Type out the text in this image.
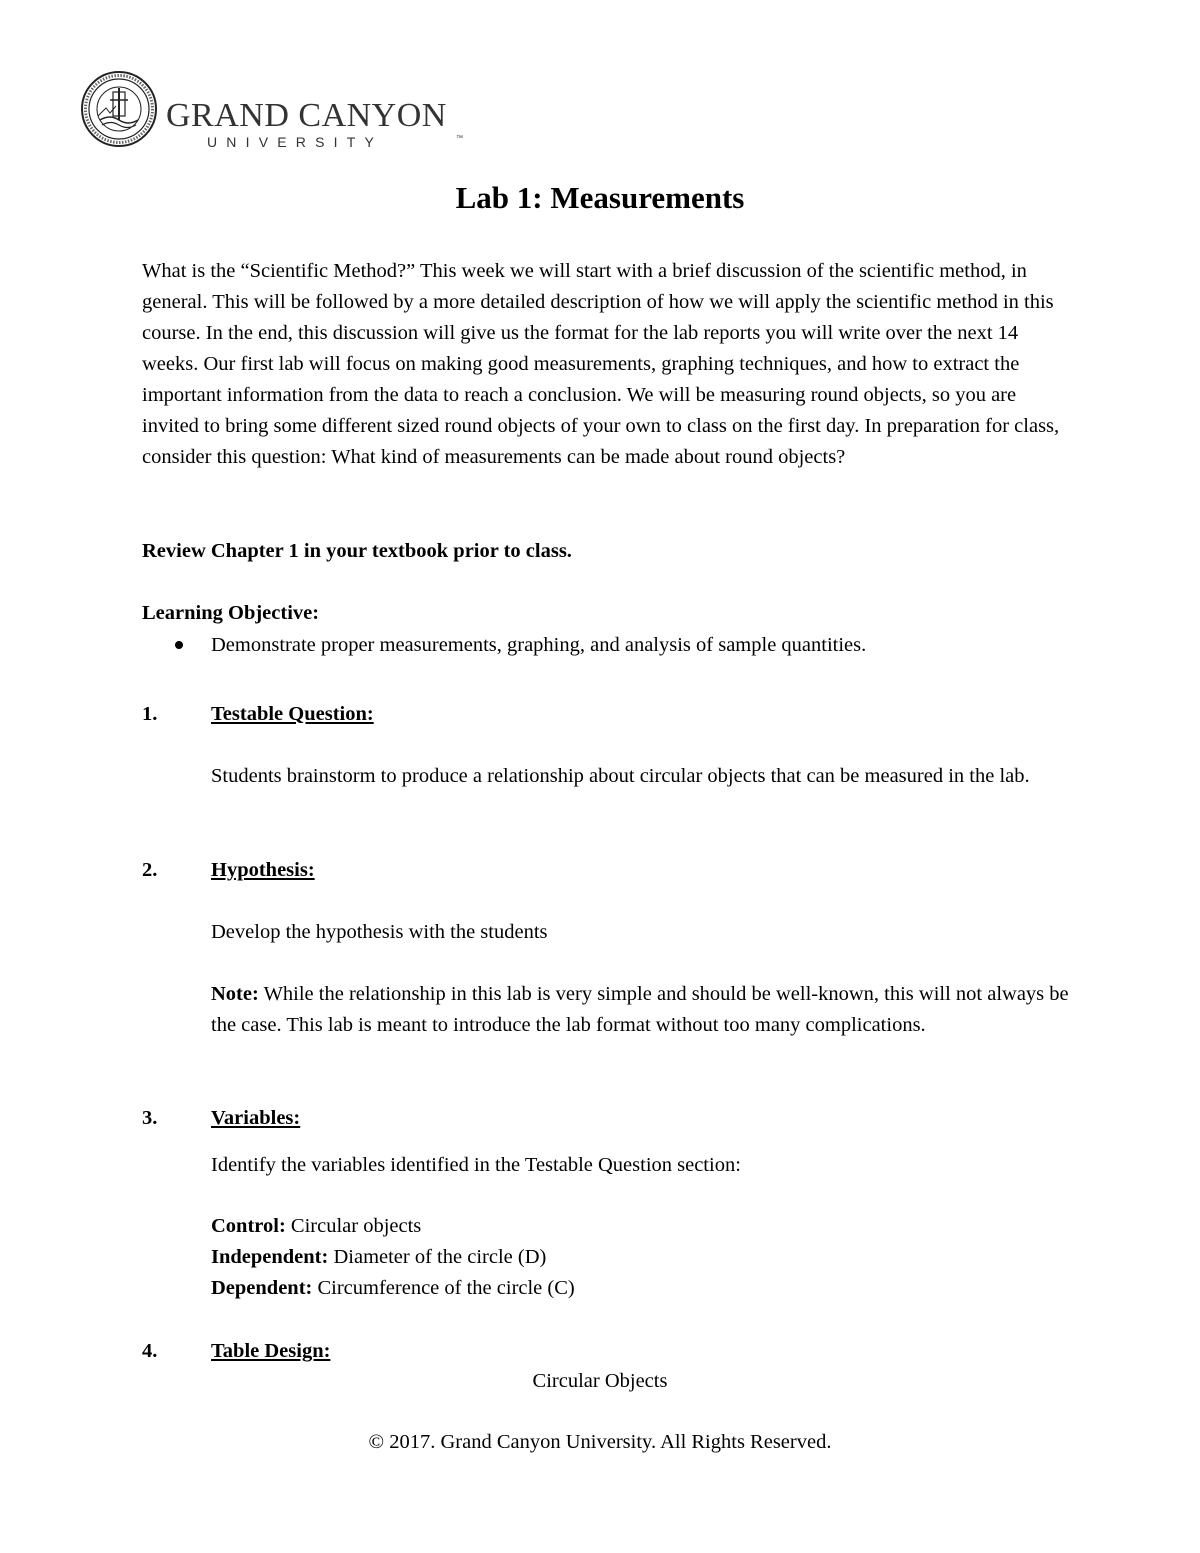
GRAND CANYON
UNIVERSITY	™
Lab 1: Measurements

What is the “Scientific Method?” This week we will start with a brief discussion of the scientific method, in general. This will be followed by a more detailed description of how we will apply the scientific method in this course. In the end, this discussion will give us the format for the lab reports you will write over the next 14 weeks. Our first lab will focus on making good measurements, graphing techniques, and how to extract the important information from the data to reach a conclusion. We will be measuring round objects, so you are invited to bring some different sized round objects of your own to class on the first day. In preparation for class, consider this question: What kind of measurements can be made about round objects?

Review Chapter 1 in your textbook prior to class.

Learning Objective:

Demonstrate proper measurements, graphing, and analysis of sample quantities.

1.	Testable Question:

Students brainstorm to produce a relationship about circular objects that can be measured in the lab.

2.	Hypothesis:

Develop the hypothesis with the students

Note: While the relationship in this lab is very simple and should be well-known, this will not always be the case. This lab is meant to introduce the lab format without too many complications.

3.	Variables:

Identify the variables identified in the Testable Question section:

Control: Circular objects

Independent: Diameter of the circle (D)

Dependent: Circumference of the circle (C)

4.	Table Design:
Circular Objects
© 2017. Grand Canyon University. All Rights Reserved.
